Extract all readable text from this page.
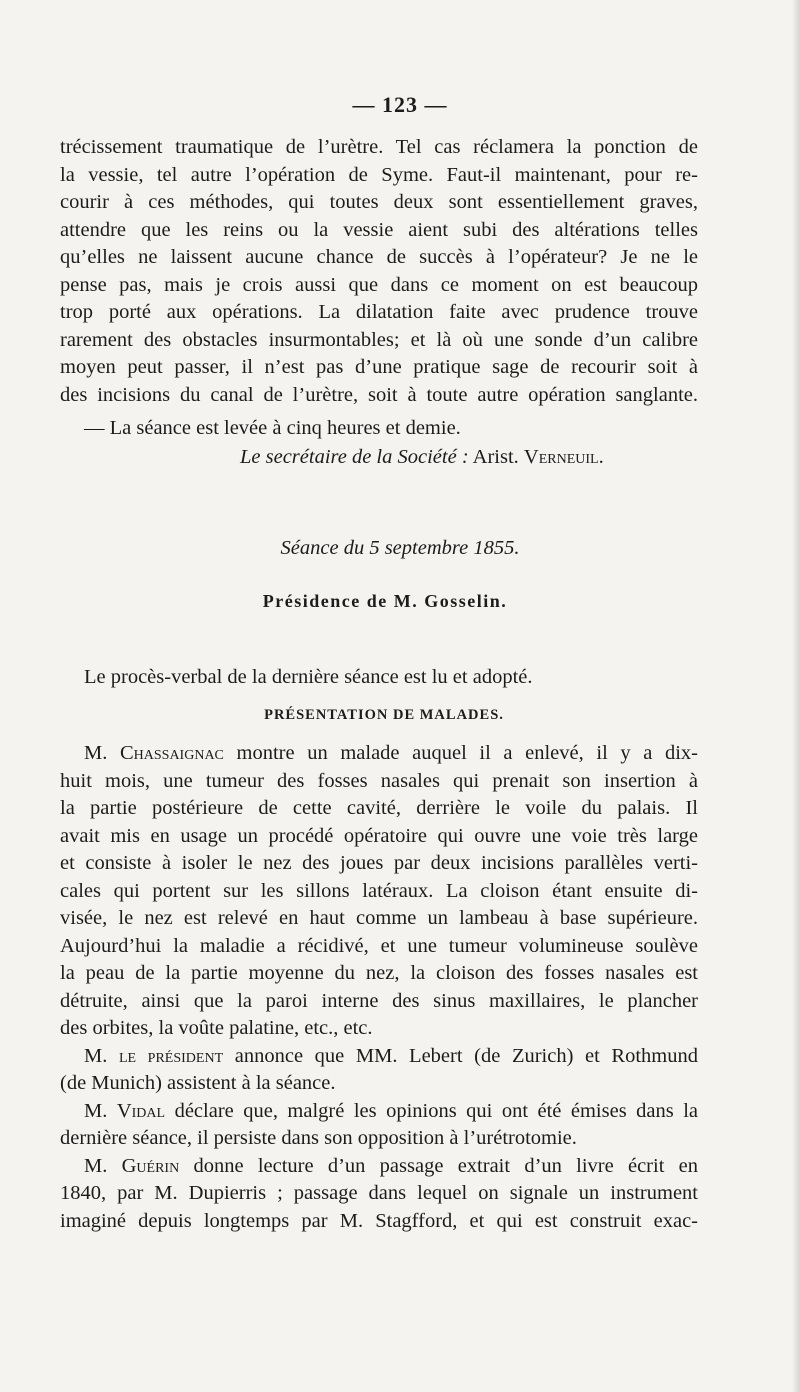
— 123 —
trécissement traumatique de l’urètre. Tel cas réclamera la ponction de
la vessie, tel autre l’opération de Syme. Faut-il maintenant, pour re-
courir à ces méthodes, qui toutes deux sont essentiellement graves,
attendre que les reins ou la vessie aient subi des altérations telles
qu’elles ne laissent aucune chance de succès à l’opérateur? Je ne le
pense pas, mais je crois aussi que dans ce moment on est beaucoup
trop porté aux opérations. La dilatation faite avec prudence trouve
rarement des obstacles insurmontables; et là où une sonde d’un calibre
moyen peut passer, il n’est pas d’une pratique sage de recourir soit à
des incisions du canal de l’urètre, soit à toute autre opération sanglante.
— La séance est levée à cinq heures et demie.
Le secrétaire de la Société : Arist. Verneuil.
Séance du 5 septembre 1855.
Présidence de M. Gosselin.
Le procès-verbal de la dernière séance est lu et adopté.
PRÉSENTATION DE MALADES.
M. Chassaignac montre un malade auquel il a enlevé, il y a dix-
huit mois, une tumeur des fosses nasales qui prenait son insertion à
la partie postérieure de cette cavité, derrière le voile du palais. Il
avait mis en usage un procédé opératoire qui ouvre une voie très large
et consiste à isoler le nez des joues par deux incisions parallèles verti-
cales qui portent sur les sillons latéraux. La cloison étant ensuite di-
visée, le nez est relevé en haut comme un lambeau à base supérieure.
Aujourd’hui la maladie a récidivé, et une tumeur volumineuse soulève
la peau de la partie moyenne du nez, la cloison des fosses nasales est
détruite, ainsi que la paroi interne des sinus maxillaires, le plancher
des orbites, la voûte palatine, etc., etc.
M. le président annonce que MM. Lebert (de Zurich) et Rothmund
(de Munich) assistent à la séance.
M. Vidal déclare que, malgré les opinions qui ont été émises dans la
dernière séance, il persiste dans son opposition à l’urétrotomie.
M. Guérin donne lecture d’un passage extrait d’un livre écrit en
1840, par M. Dupierris ; passage dans lequel on signale un instrument
imaginé depuis longtemps par M. Stagfford, et qui est construit exac-
